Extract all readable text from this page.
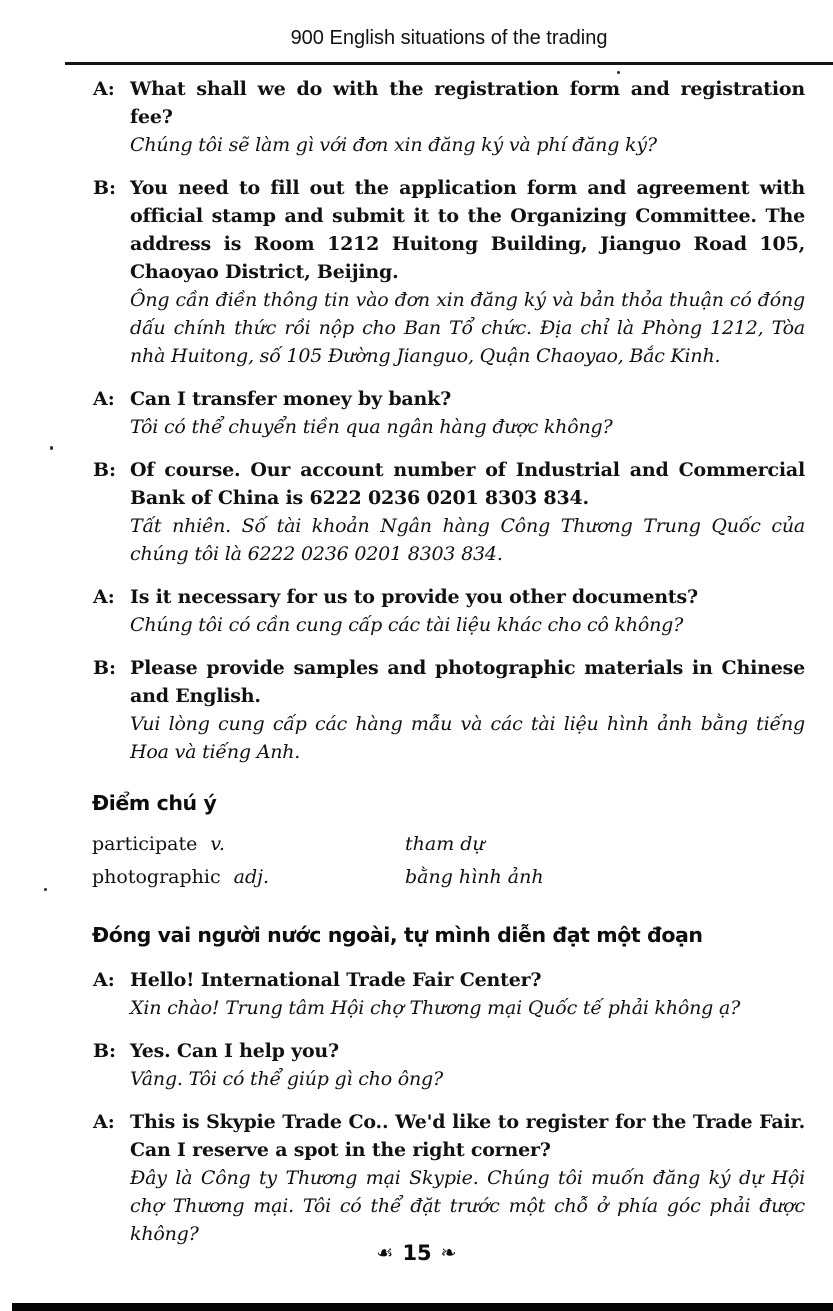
900 English situations of the trading
A: What shall we do with the registration form and registration fee?

Chúng tôi sẽ làm gì với đơn xin đăng ký và phí đăng ký?

B: You need to fill out the application form and agreement with official stamp and submit it to the Organizing Committee. The address is Room 1212 Huitong Building, Jianguo Road 105, Chaoyao District, Beijing.

Ông cần điền thông tin vào đơn xin đăng ký và bản thỏa thuận có đóng dấu chính thức rồi nộp cho Ban Tổ chức. Địa chỉ là Phòng 1212, Tòa nhà Huitong, số 105 Đường Jianguo, Quận Chaoyao, Bắc Kinh.

A: Can I transfer money by bank?

Tôi có thể chuyển tiền qua ngân hàng được không?

B: Of course. Our account number of Industrial and Commercial Bank of China is 6222 0236 0201 8303 834.

Tất nhiên. Số tài khoản Ngân hàng Công Thương Trung Quốc của chúng tôi là 6222 0236 0201 8303 834.

A: Is it necessary for us to provide you other documents?

Chúng tôi có cần cung cấp các tài liệu khác cho cô không?

B: Please provide samples and photographic materials in Chinese and English.

Vui lòng cung cấp các hàng mẫu và các tài liệu hình ảnh bằng tiếng Hoa và tiếng Anh.

Điểm chú ý
participate v.	tham dự
photographic adj.	bằng hình ảnh
Đóng vai người nước ngoài, tự mình diễn đạt một đoạn
A: Hello! International Trade Fair Center?

Xin chào! Trung tâm Hội chợ Thương mại Quốc tế phải không ạ?

B: Yes. Can I help you?

Vâng. Tôi có thể giúp gì cho ông?

A: This is Skypie Trade Co.. We'd like to register for the Trade Fair. Can I reserve a spot in the right corner?

Đây là Công ty Thương mại Skypie. Chúng tôi muốn đăng ký dự Hội chợ Thương mại. Tôi có thể đặt trước một chỗ ở phía góc phải được không?

☙ 15 ❧
